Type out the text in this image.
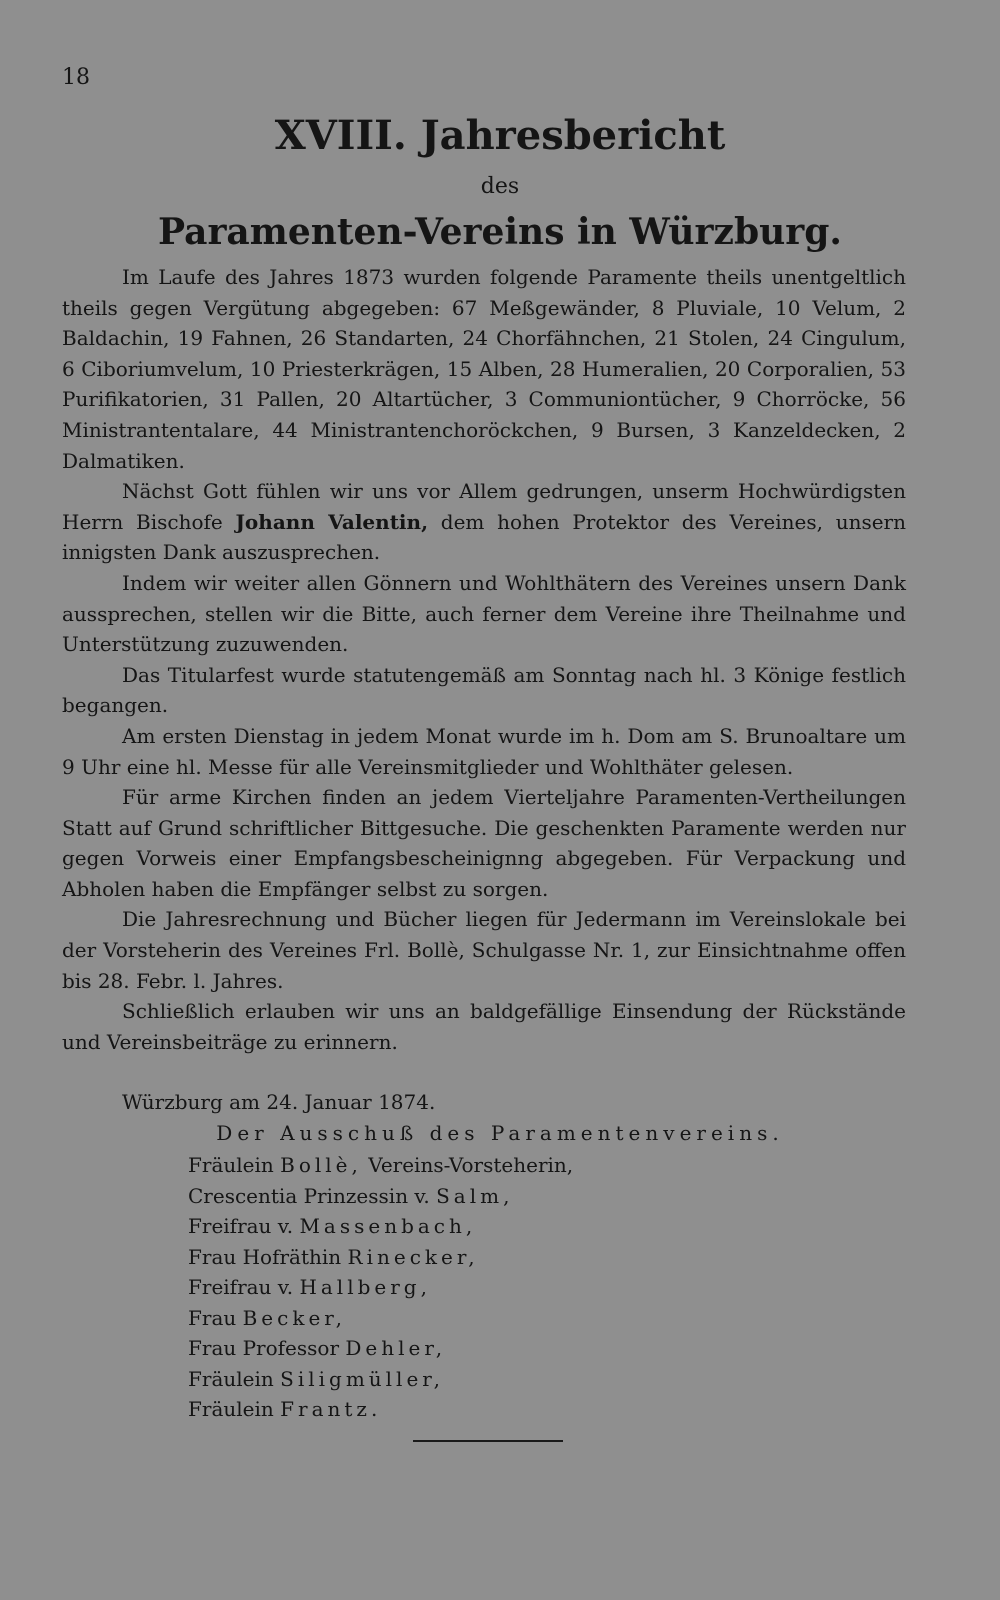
18
XVIII. Jahresbericht
des
Paramenten-Vereins in Würzburg.

Im Laufe des Jahres 1873 wurden folgende Paramente theils unentgeltlich theils gegen Vergütung abgegeben: 67 Meßgewänder, 8 Pluviale, 10 Velum, 2 Baldachin, 19 Fahnen, 26 Standarten, 24 Chorfähnchen, 21 Stolen, 24 Cingulum, 6 Ciboriumvelum, 10 Priesterkrägen, 15 Alben, 28 Humeralien, 20 Corporalien, 53 Purifikatorien, 31 Pallen, 20 Altartücher, 3 Communiontücher, 9 Chorröcke, 56 Ministrantentalare, 44 Ministrantenchoröckchen, 9 Bursen, 3 Kanzeldecken, 2 Dalmatiken.

Nächst Gott fühlen wir uns vor Allem gedrungen, unserm Hochwürdigsten Herrn Bischofe Johann Valentin, dem hohen Protektor des Vereines, unsern innigsten Dank auszusprechen.

Indem wir weiter allen Gönnern und Wohlthätern des Vereines unsern Dank aussprechen, stellen wir die Bitte, auch ferner dem Vereine ihre Theilnahme und Unterstützung zuzuwenden.

Das Titularfest wurde statutengemäß am Sonntag nach hl. 3 Könige festlich begangen.

Am ersten Dienstag in jedem Monat wurde im h. Dom am S. Brunoaltare um 9 Uhr eine hl. Messe für alle Vereinsmitglieder und Wohlthäter gelesen.

Für arme Kirchen finden an jedem Vierteljahre Paramenten-Vertheilungen Statt auf Grund schriftlicher Bittgesuche. Die geschenkten Paramente werden nur gegen Vorweis einer Empfangsbescheinignng abgegeben. Für Verpackung und Abholen haben die Empfänger selbst zu sorgen.

Die Jahresrechnung und Bücher liegen für Jedermann im Vereinslokale bei der Vorsteherin des Vereines Frl. Bollè, Schulgasse Nr. 1, zur Einsichtnahme offen bis 28. Febr. l. Jahres.

Schließlich erlauben wir uns an baldgefällige Einsendung der Rückstände und Vereinsbeiträge zu erinnern.

Würzburg am 24. Januar 1874.
Der Ausschuß des Paramentenvereins.
Fräulein Bollè, Vereins-Vorsteherin,
Crescentia Prinzessin v. Salm,
Freifrau v. Massenbach,
Frau Hofräthin Rinecker,
Freifrau v. Hallberg,
Frau Becker,
Frau Professor Dehler,
Fräulein Siligmüller,
Fräulein Frantz.
